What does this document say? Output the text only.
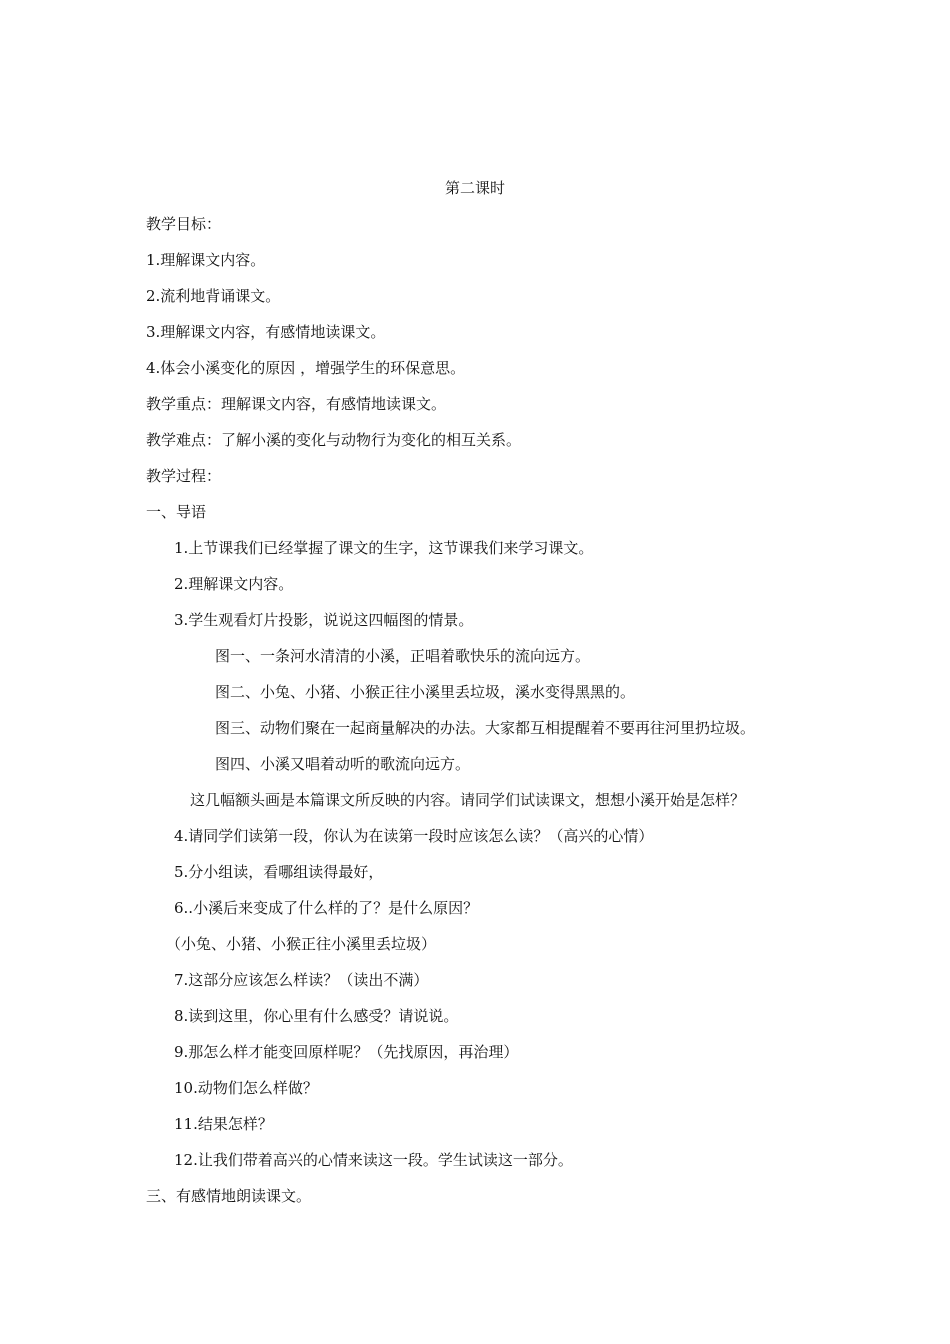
第二课时
教学目标：
1.理解课文内容。
2.流利地背诵课文。
3.理解课文内容，有感情地读课文。
4.体会小溪变化的原因 ，增强学生的环保意思。
教学重点：理解课文内容，有感情地读课文。
教学难点：了解小溪的变化与动物行为变化的相互关系。
教学过程：
一、导语
1.上节课我们已经掌握了课文的生字，这节课我们来学习课文。
2.理解课文内容。
3.学生观看灯片投影，说说这四幅图的情景。
图一、一条河水清清的小溪，正唱着歌快乐的流向远方。
图二、小兔、小猪、小猴正往小溪里丢垃圾，溪水变得黑黑的。
图三、动物们聚在一起商量解决的办法。大家都互相提醒着不要再往河里扔垃圾。
图四、小溪又唱着动听的歌流向远方。
这几幅额头画是本篇课文所反映的内容。请同学们试读课文，想想小溪开始是怎样？
4.请同学们读第一段，你认为在读第一段时应该怎么读？（高兴的心情）
5.分小组读，看哪组读得最好，
6..小溪后来变成了什么样的了？是什么原因？
（小兔、小猪、小猴正往小溪里丢垃圾）
7.这部分应该怎么样读？（读出不满）
8.读到这里，你心里有什么感受？请说说。
9.那怎么样才能变回原样呢？（先找原因，再治理）
10.动物们怎么样做？
11.结果怎样？
12.让我们带着高兴的心情来读这一段。学生试读这一部分。
三、有感情地朗读课文。
